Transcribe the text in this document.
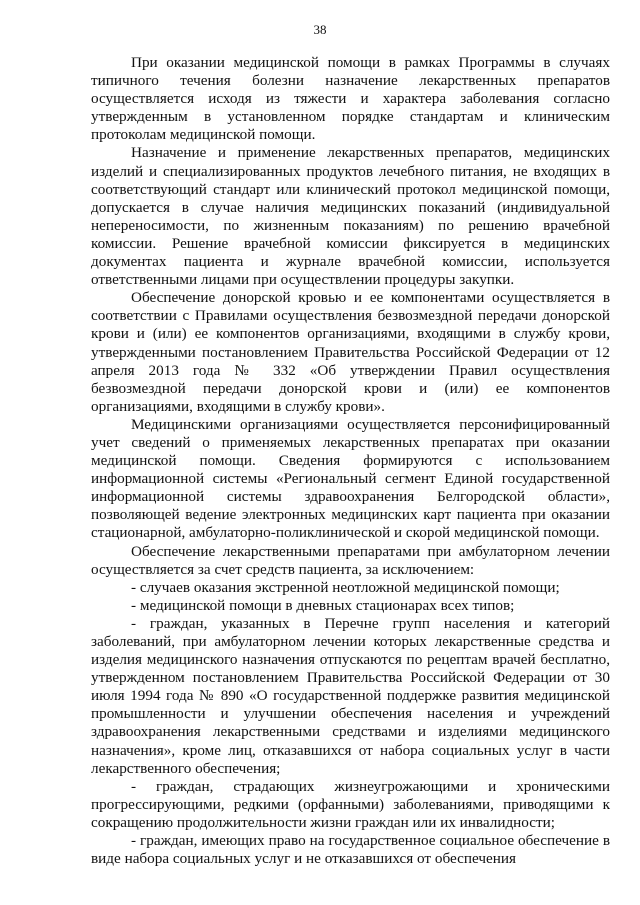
38

При оказании медицинской помощи в рамках Программы в случаях типичного течения болезни назначение лекарственных препаратов осуществляется исходя из тяжести и характера заболевания согласно утвержденным в установленном порядке стандартам и клиническим протоколам медицинской помощи.

Назначение и применение лекарственных препаратов, медицинских изделий и специализированных продуктов лечебного питания, не входящих в соответствующий стандарт или клинический протокол медицинской помощи, допускается в случае наличия медицинских показаний (индивидуальной непереносимости, по жизненным показаниям) по решению врачебной комиссии. Решение врачебной комиссии фиксируется в медицинских документах пациента и журнале врачебной комиссии, используется ответственными лицами при осуществлении процедуры закупки.

Обеспечение донорской кровью и ее компонентами осуществляется в соответствии с Правилами осуществления безвозмездной передачи донорской крови и (или) ее компонентов организациями, входящими в службу крови, утвержденными постановлением Правительства Российской Федерации от 12 апреля 2013 года № 332 «Об утверждении Правил осуществления безвозмездной передачи донорской крови и (или) ее компонентов организациями, входящими в службу крови».

Медицинскими организациями осуществляется персонифицированный учет сведений о применяемых лекарственных препаратах при оказании медицинской помощи. Сведения формируются с использованием информационной системы «Региональный сегмент Единой государственной информационной системы здравоохранения Белгородской области», позволяющей ведение электронных медицинских карт пациента при оказании стационарной, амбулаторно-поликлинической и скорой медицинской помощи.

Обеспечение лекарственными препаратами при амбулаторном лечении осуществляется за счет средств пациента, за исключением:

- случаев оказания экстренной неотложной медицинской помощи;

- медицинской помощи в дневных стационарах всех типов;

- граждан, указанных в Перечне групп населения и категорий заболеваний, при амбулаторном лечении которых лекарственные средства и изделия медицинского назначения отпускаются по рецептам врачей бесплатно, утвержденном постановлением Правительства Российской Федерации от 30 июля 1994 года № 890 «О государственной поддержке развития медицинской промышленности и улучшении обеспечения населения и учреждений здравоохранения лекарственными средствами и изделиями медицинского назначения», кроме лиц, отказавшихся от набора социальных услуг в части лекарственного обеспечения;

- граждан, страдающих жизнеугрожающими и хроническими прогрессирующими, редкими (орфанными) заболеваниями, приводящими к сокращению продолжительности жизни граждан или их инвалидности;

- граждан, имеющих право на государственное социальное обеспечение в виде набора социальных услуг и не отказавшихся от обеспечения
